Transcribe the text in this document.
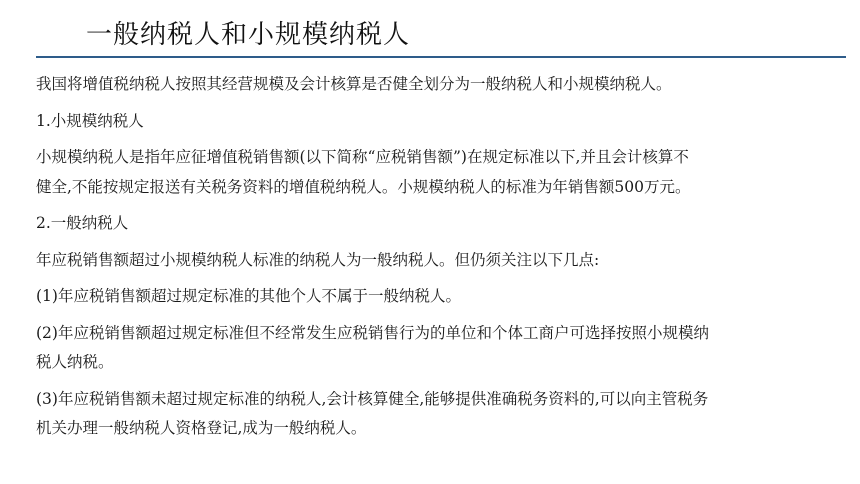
一般纳税人和小规模纳税人

我国将增值税纳税人按照其经营规模及会计核算是否健全划分为一般纳税人和小规模纳税人。

1.小规模纳税人

小规模纳税人是指年应征增值税销售额(以下简称“应税销售额”)在规定标准以下,并且会计核算不
健全,不能按规定报送有关税务资料的增值税纳税人。小规模纳税人的标准为年销售额500万元。

2.一般纳税人

年应税销售额超过小规模纳税人标准的纳税人为一般纳税人。但仍须关注以下几点:

(1)年应税销售额超过规定标准的其他个人不属于一般纳税人。

(2)年应税销售额超过规定标准但不经常发生应税销售行为的单位和个体工商户可选择按照小规模纳
税人纳税。

(3)年应税销售额未超过规定标准的纳税人,会计核算健全,能够提供准确税务资料的,可以向主管税务
机关办理一般纳税人资格登记,成为一般纳税人。
